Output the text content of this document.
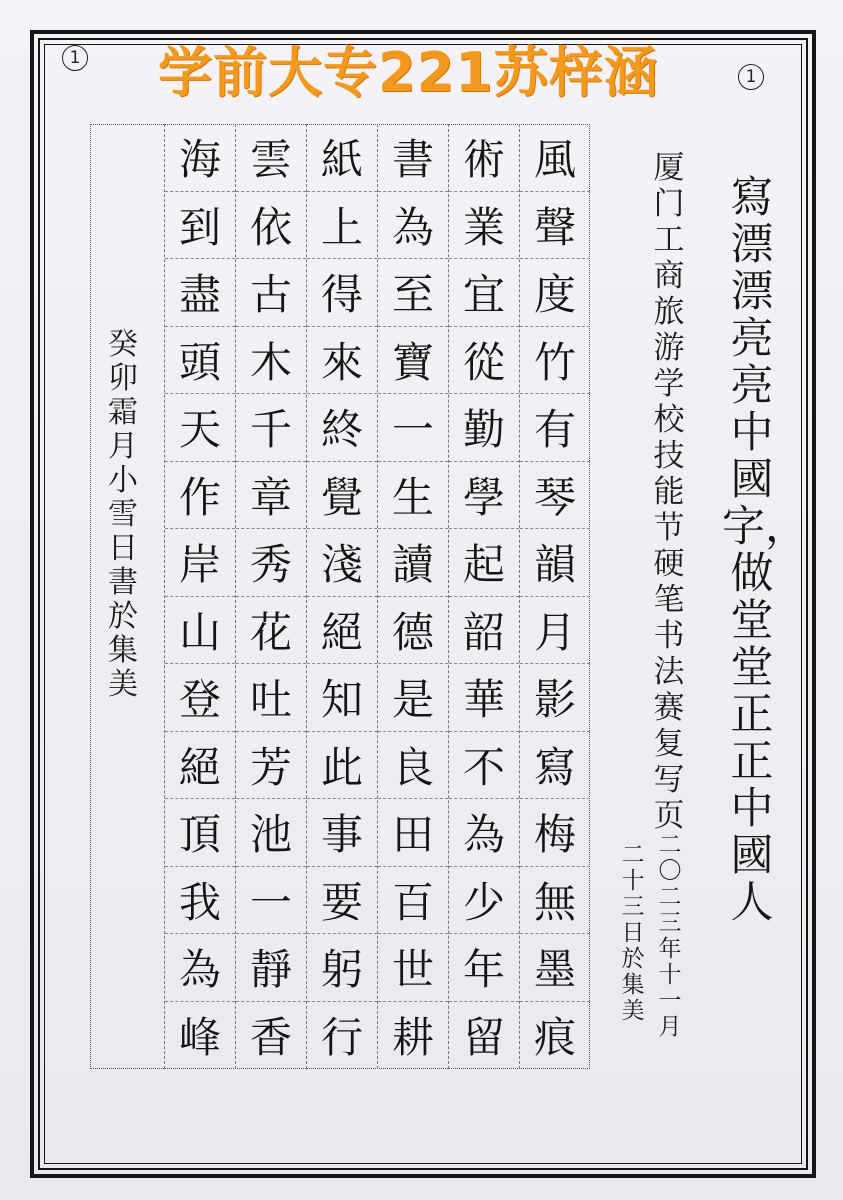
1
1
学前大专221苏梓涵
癸卯霜月小雪日書於集美
風
聲
度
竹
有
琴
韻
月
影
寫
梅
無
墨
痕
術
業
宜
從
勤
學
起
韶
華
不
為
少
年
留
書
為
至
寶
一
生
讀
德
是
良
田
百
世
耕
紙
上
得
來
終
覺
淺
絕
知
此
事
要
躬
行
雲
依
古
木
千
章
秀
花
吐
芳
池
一
靜
香
海
到
盡
頭
天
作
岸
山
登
絕
頂
我
為
峰
寫漂漂亮亮中國字，做堂堂正正中國人
厦门工商旅游学校技能节硬笔书法赛复写页
二〇二三年十一月
二十三日於集美
